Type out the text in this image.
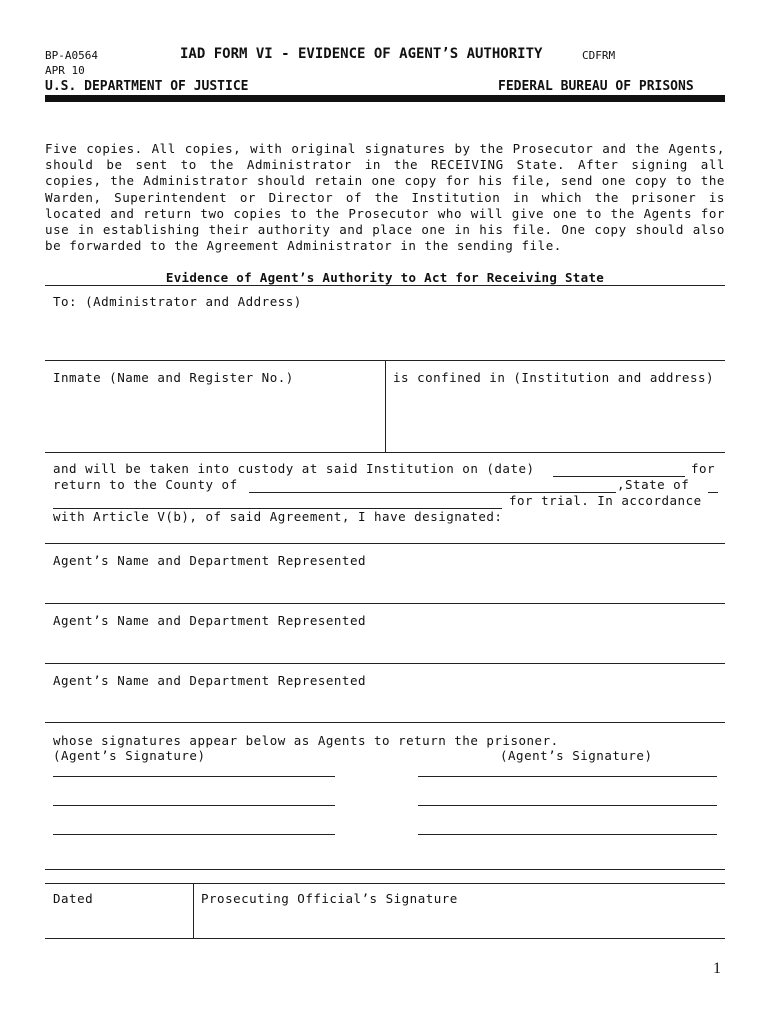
BP-A0564	IAD FORM VI - EVIDENCE OF AGENT’S AUTHORITY	CDFRM
APR 10
U.S. DEPARTMENT OF JUSTICE	FEDERAL BUREAU OF PRISONS
Five copies. All copies, with original signatures by the Prosecutor and the Agents, should be sent to the Administrator in the RECEIVING State. After signing all copies, the Administrator should retain one copy for his file, send one copy to the Warden, Superintendent or Director of the Institution in which the prisoner is located and return two copies to the Prosecutor who will give one to the Agents for use in establishing their authority and place one in his file. One copy should also be forwarded to the Agreement Administrator in the sending file.
Evidence of Agent’s Authority to Act for Receiving State
To: (Administrator and Address)
Inmate (Name and Register No.)	is confined in (Institution and address)
and will be taken into custody at said Institution on (date)	for
return to the County of	,State of
for trial. In accordance
with Article V(b), of said Agreement, I have designated:
Agent’s Name and Department Represented
Agent’s Name and Department Represented
Agent’s Name and Department Represented
whose signatures appear below as Agents to return the prisoner.
(Agent’s Signature)	(Agent’s Signature)
Dated	Prosecuting Official’s Signature
1
